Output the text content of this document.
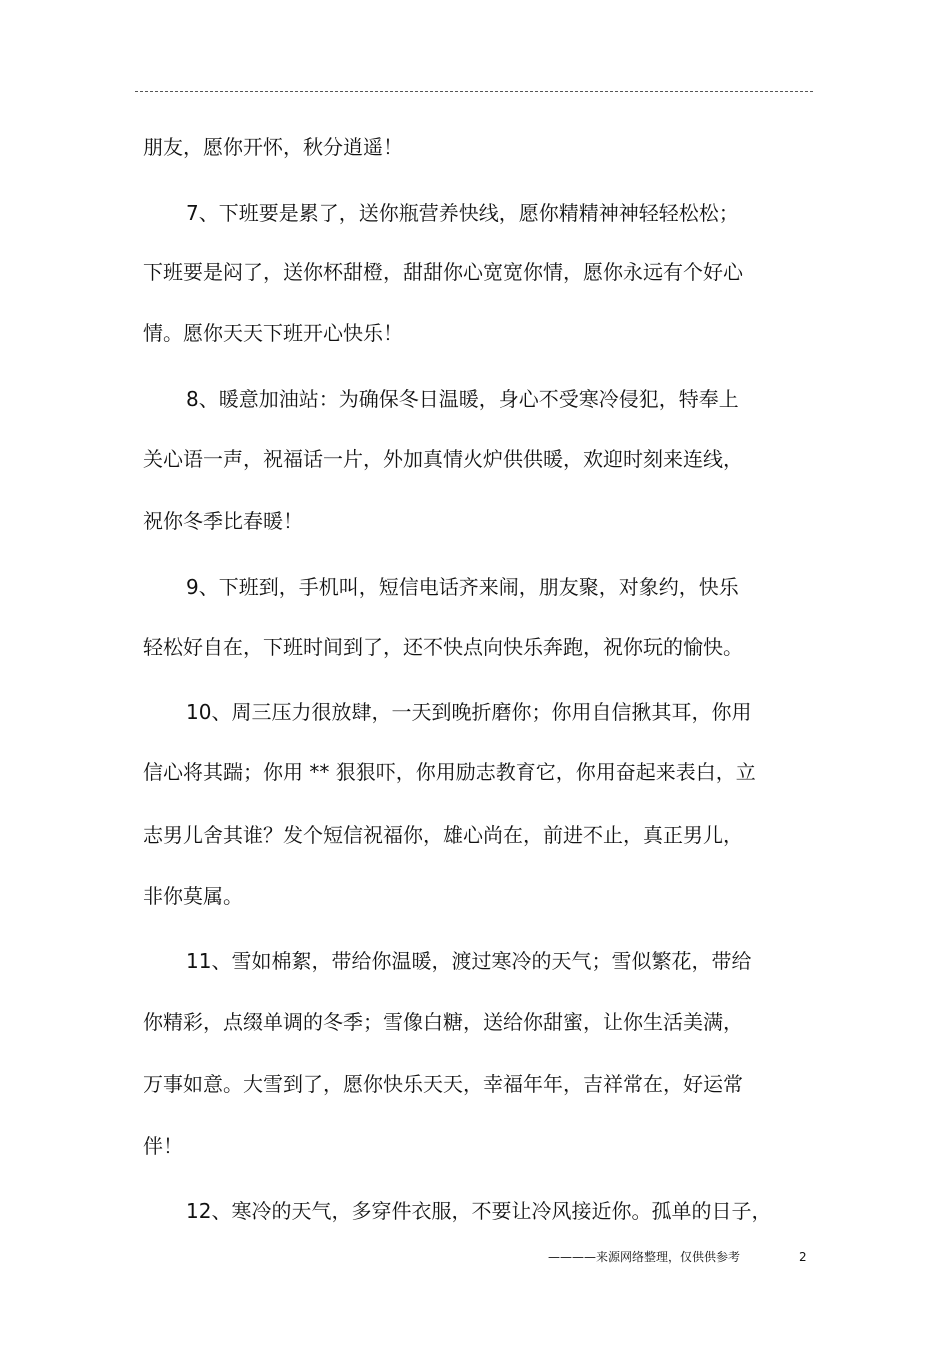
朋友，愿你开怀，秋分逍遥！
7、下班要是累了，送你瓶营养快线，愿你精精神神轻轻松松；
下班要是闷了，送你杯甜橙，甜甜你心宽宽你情，愿你永远有个好心
情。愿你天天下班开心快乐！
8、暖意加油站：为确保冬日温暖，身心不受寒冷侵犯，特奉上
关心语一声，祝福话一片，外加真情火炉供供暖，欢迎时刻来连线，
祝你冬季比春暖！
9、下班到，手机叫，短信电话齐来闹，朋友聚，对象约，快乐
轻松好自在，下班时间到了，还不快点向快乐奔跑，祝你玩的愉快。
10、周三压力很放肆，一天到晚折磨你；你用自信揪其耳，你用
信心将其踹；你用 ** 狠狠吓，你用励志教育它，你用奋起来表白，立
志男儿舍其谁？发个短信祝福你，雄心尚在，前进不止，真正男儿，
非你莫属。
11、雪如棉絮，带给你温暖，渡过寒冷的天气；雪似繁花，带给
你精彩，点缀单调的冬季；雪像白糖，送给你甜蜜，让你生活美满，
万事如意。大雪到了，愿你快乐天天，幸福年年，吉祥常在，好运常
伴！
12、寒冷的天气，多穿件衣服，不要让冷风接近你。孤单的日子，
————来源网络整理，仅供供参考	2
